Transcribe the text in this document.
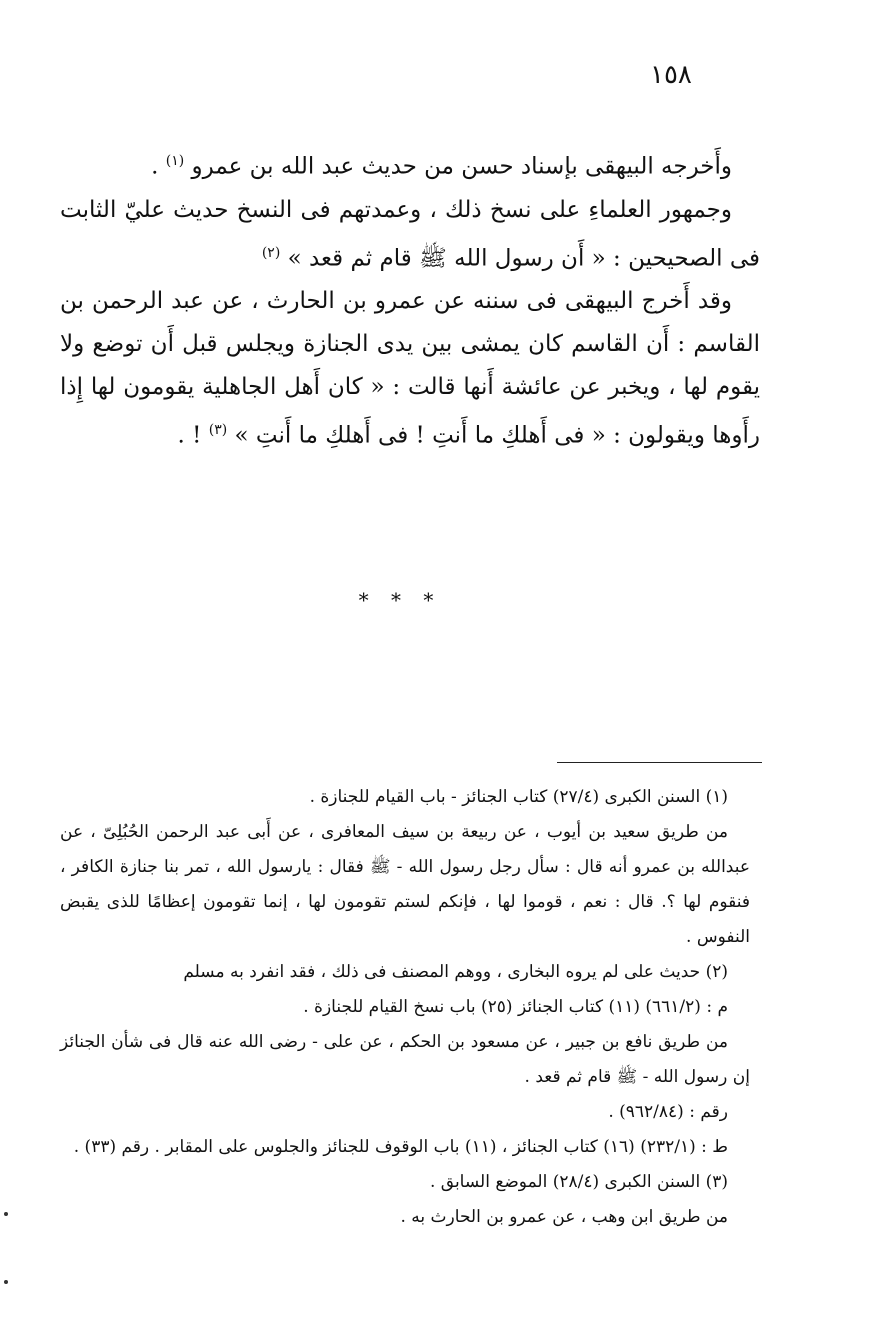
١٥٨

وأَخرجه البيهقى بإسناد حسن من حديث عبد الله بن عمرو $^{(١)}$ .

وجمهور العلماءِ على نسخ ذلك ، وعمدتهم فى النسخ حديث عليّ الثابت فى الصحيحين : « أَن رسول الله ﷺ قام ثم قعد » $^{(٢)}$

وقد أَخرج البيهقى فى سننه عن عمرو بن الحارث ، عن عبد الرحمن بن القاسم : أَن القاسم كان يمشى بين يدى الجنازة ويجلس قبل أَن توضع ولا يقوم لها ، ويخبر عن عائشة أَنها قالت : « كان أَهل الجاهلية يقومون لها إِذا رأَوها ويقولون : « فى أَهلكِ ما أَنتِ ! فى أَهلكِ ما أَنتِ » $^{(٣)}$ ! .

* * *

(١) السنن الكبرى (٢٧/٤) كتاب الجنائز - باب القيام للجنازة .

من طريق سعيد بن أيوب ، عن ربيعة بن سيف المعافرى ، عن أَبى عبد الرحمن الحُبُلِىّ ، عن عبدالله بن عمرو أنه قال : سأل رجل رسول الله - ﷺ فقال : يارسول الله ، تمر بنا جنازة الكافر ، فنقوم لها ؟. قال : نعم ، قوموا لها ، فإنكم لستم تقومون لها ، إنما تقومون إعظامًا للذى يقبض النفوس .

(٢) حديث على لم يروه البخارى ، ووهم المصنف فى ذلك ، فقد انفرد به مسلم

م : (٦٦١/٢) (١١) كتاب الجنائز (٢٥) باب نسخ القيام للجنازة .

من طريق نافع بن جبير ، عن مسعود بن الحكم ، عن على - رضى الله عنه قال فى شأن الجنائز إن رسول الله - ﷺ قام ثم قعد .

رقم : (٩٦٢/٨٤) .

ط : (٢٣٢/١) (١٦) كتاب الجنائز ، (١١) باب الوقوف للجنائز والجلوس على المقابر . رقم (٣٣) .

(٣) السنن الكبرى (٢٨/٤) الموضع السابق .

من طريق ابن وهب ، عن عمرو بن الحارث به .
